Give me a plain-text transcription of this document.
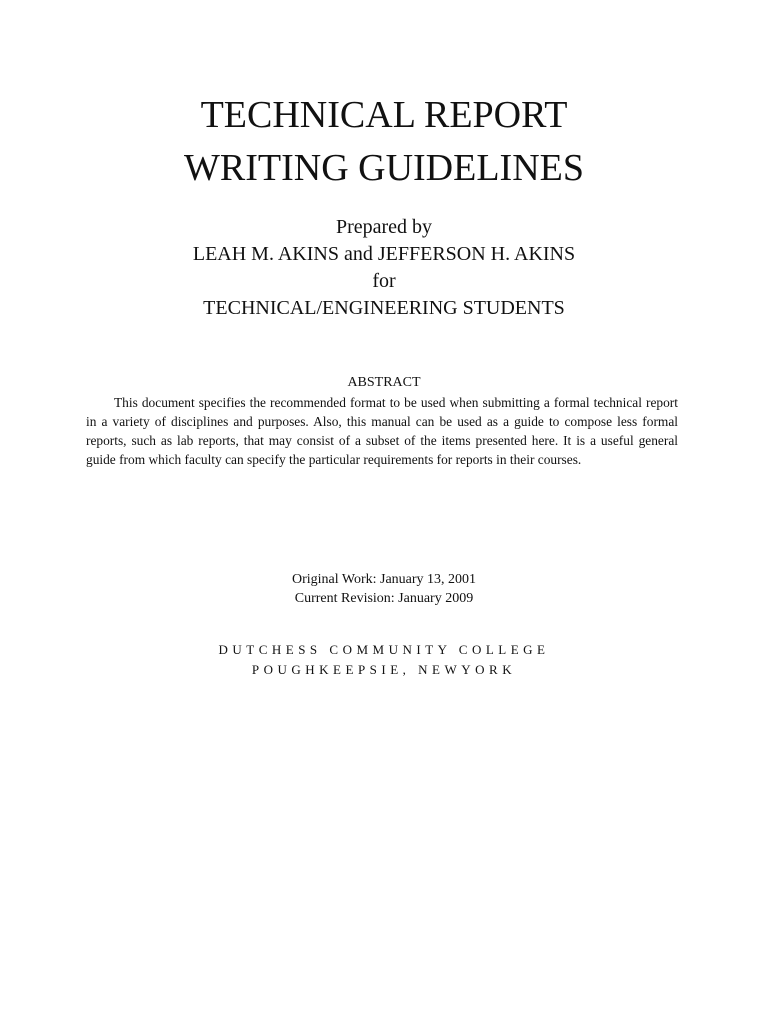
TECHNICAL REPORT
WRITING GUIDELINES
Prepared by
LEAH M. AKINS and JEFFERSON H. AKINS
for
TECHNICAL/ENGINEERING STUDENTS
ABSTRACT

This document specifies the recommended format to be used when submitting a formal technical report in a variety of disciplines and purposes. Also, this manual can be used as a guide to compose less formal reports, such as lab reports, that may consist of a subset of the items presented here. It is a useful general guide from which faculty can specify the particular requirements for reports in their courses.

Original Work: January 13, 2001
Current Revision: January 2009
DUTCHESS COMMUNITY COLLEGE
POUGHKEEPSIE, NEWYORK
